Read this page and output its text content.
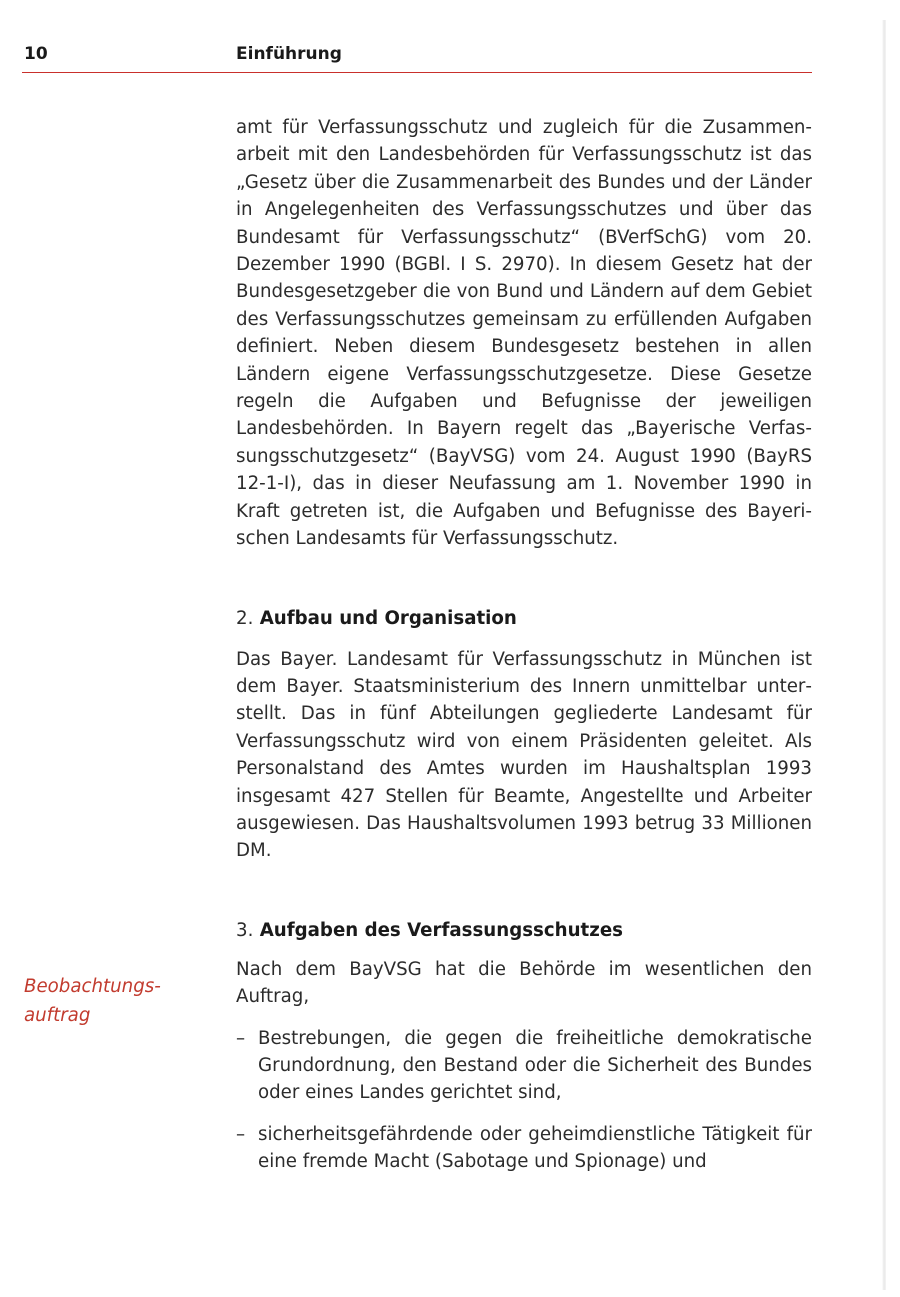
10	Einführung
Beobachtungs-
auftrag

amt für Verfassungsschutz und zugleich für die Zusammenarbeit mit den Landesbehörden für Verfassungsschutz ist das „Gesetz über die Zusammenarbeit des Bundes und der Länder in Angelegenheiten des Verfassungsschutzes und über das Bundesamt für Verfassungsschutz“ (BVerfSchG) vom 20. Dezember 1990 (BGBl. I S. 2970). In diesem Gesetz hat der Bundesgesetzgeber die von Bund und Ländern auf dem Gebiet des Verfassungsschutzes gemeinsam zu erfüllenden Aufgaben definiert. Neben diesem Bundesgesetz bestehen in allen Ländern eigene Verfassungsschutzgesetze. Diese Gesetze regeln die Aufgaben und Befugnisse der jeweiligen Landesbehörden. In Bayern regelt das „Bayerische Verfassungsschutzgesetz“ (BayVSG) vom 24. August 1990 (BayRS 12-1-I), das in dieser Neufassung am 1. November 1990 in Kraft getreten ist, die Aufgaben und Befugnisse des Bayerischen Landesamts für Verfassungsschutz.

2. Aufbau und Organisation

Das Bayer. Landesamt für Verfassungsschutz in München ist dem Bayer. Staatsministerium des Innern unmittelbar unterstellt. Das in fünf Abteilungen gegliederte Landesamt für Verfassungsschutz wird von einem Präsidenten geleitet. Als Personalstand des Amtes wurden im Haushaltsplan 1993 insgesamt 427 Stellen für Beamte, Angestellte und Arbeiter ausgewiesen. Das Haushaltsvolumen 1993 betrug 33 Millionen DM.

3. Aufgaben des Verfassungsschutzes

Nach dem BayVSG hat die Behörde im wesentlichen den Auftrag,

– Bestrebungen, die gegen die freiheitliche demokratische Grundordnung, den Bestand oder die Sicherheit des Bundes oder eines Landes gerichtet sind,
– sicherheitsgefährdende oder geheimdienstliche Tätigkeit für eine fremde Macht (Sabotage und Spionage) und
